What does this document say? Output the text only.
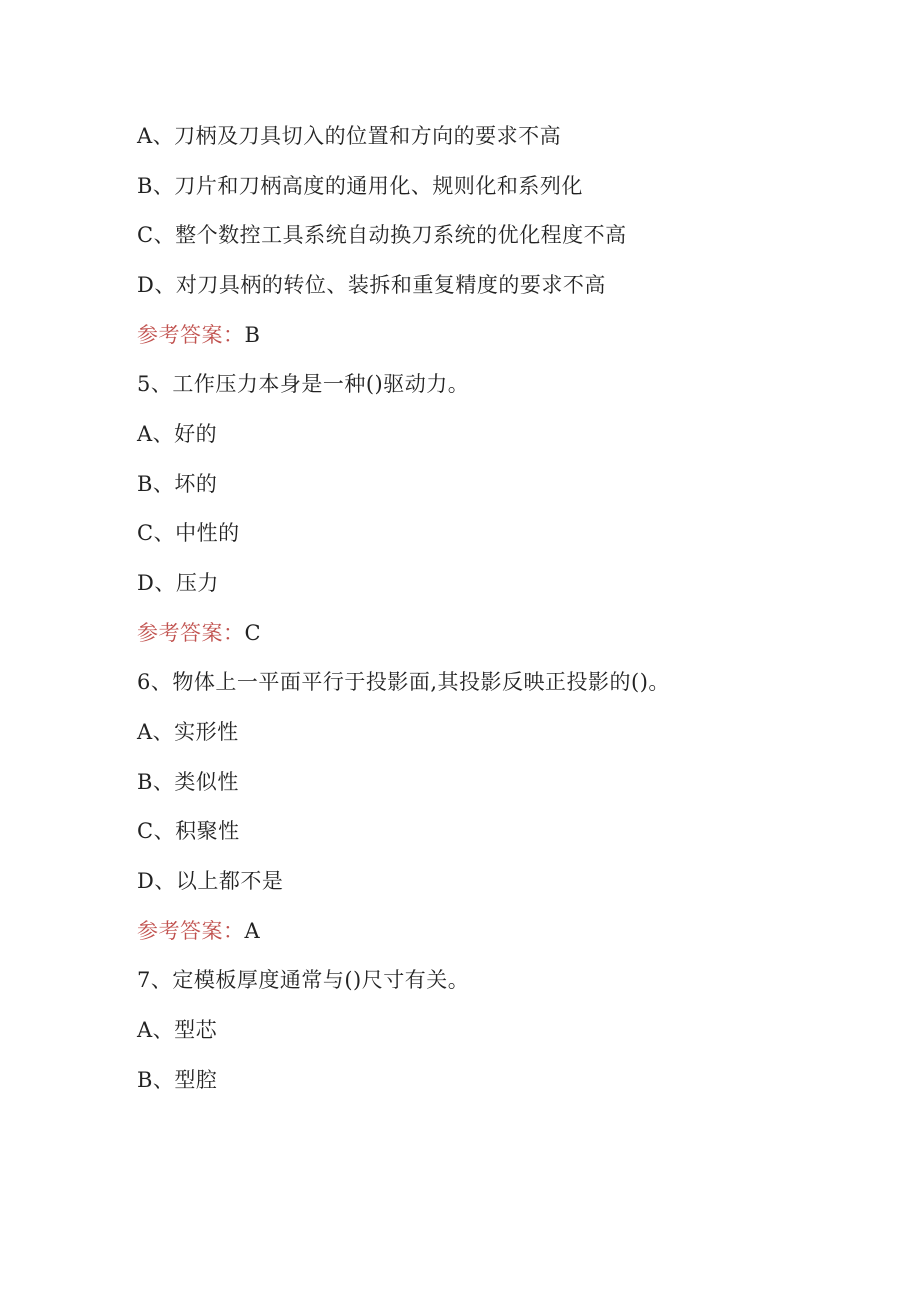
A、刀柄及刀具切入的位置和方向的要求不高
B、刀片和刀柄高度的通用化、规则化和系列化
C、整个数控工具系统自动换刀系统的优化程度不高
D、对刀具柄的转位、装拆和重复精度的要求不高
参考答案：B
5、工作压力本身是一种()驱动力。
A、好的
B、坏的
C、中性的
D、压力
参考答案：C
6、物体上一平面平行于投影面,其投影反映正投影的()。
A、实形性
B、类似性
C、积聚性
D、以上都不是
参考答案：A
7、定模板厚度通常与()尺寸有关。
A、型芯
B、型腔
